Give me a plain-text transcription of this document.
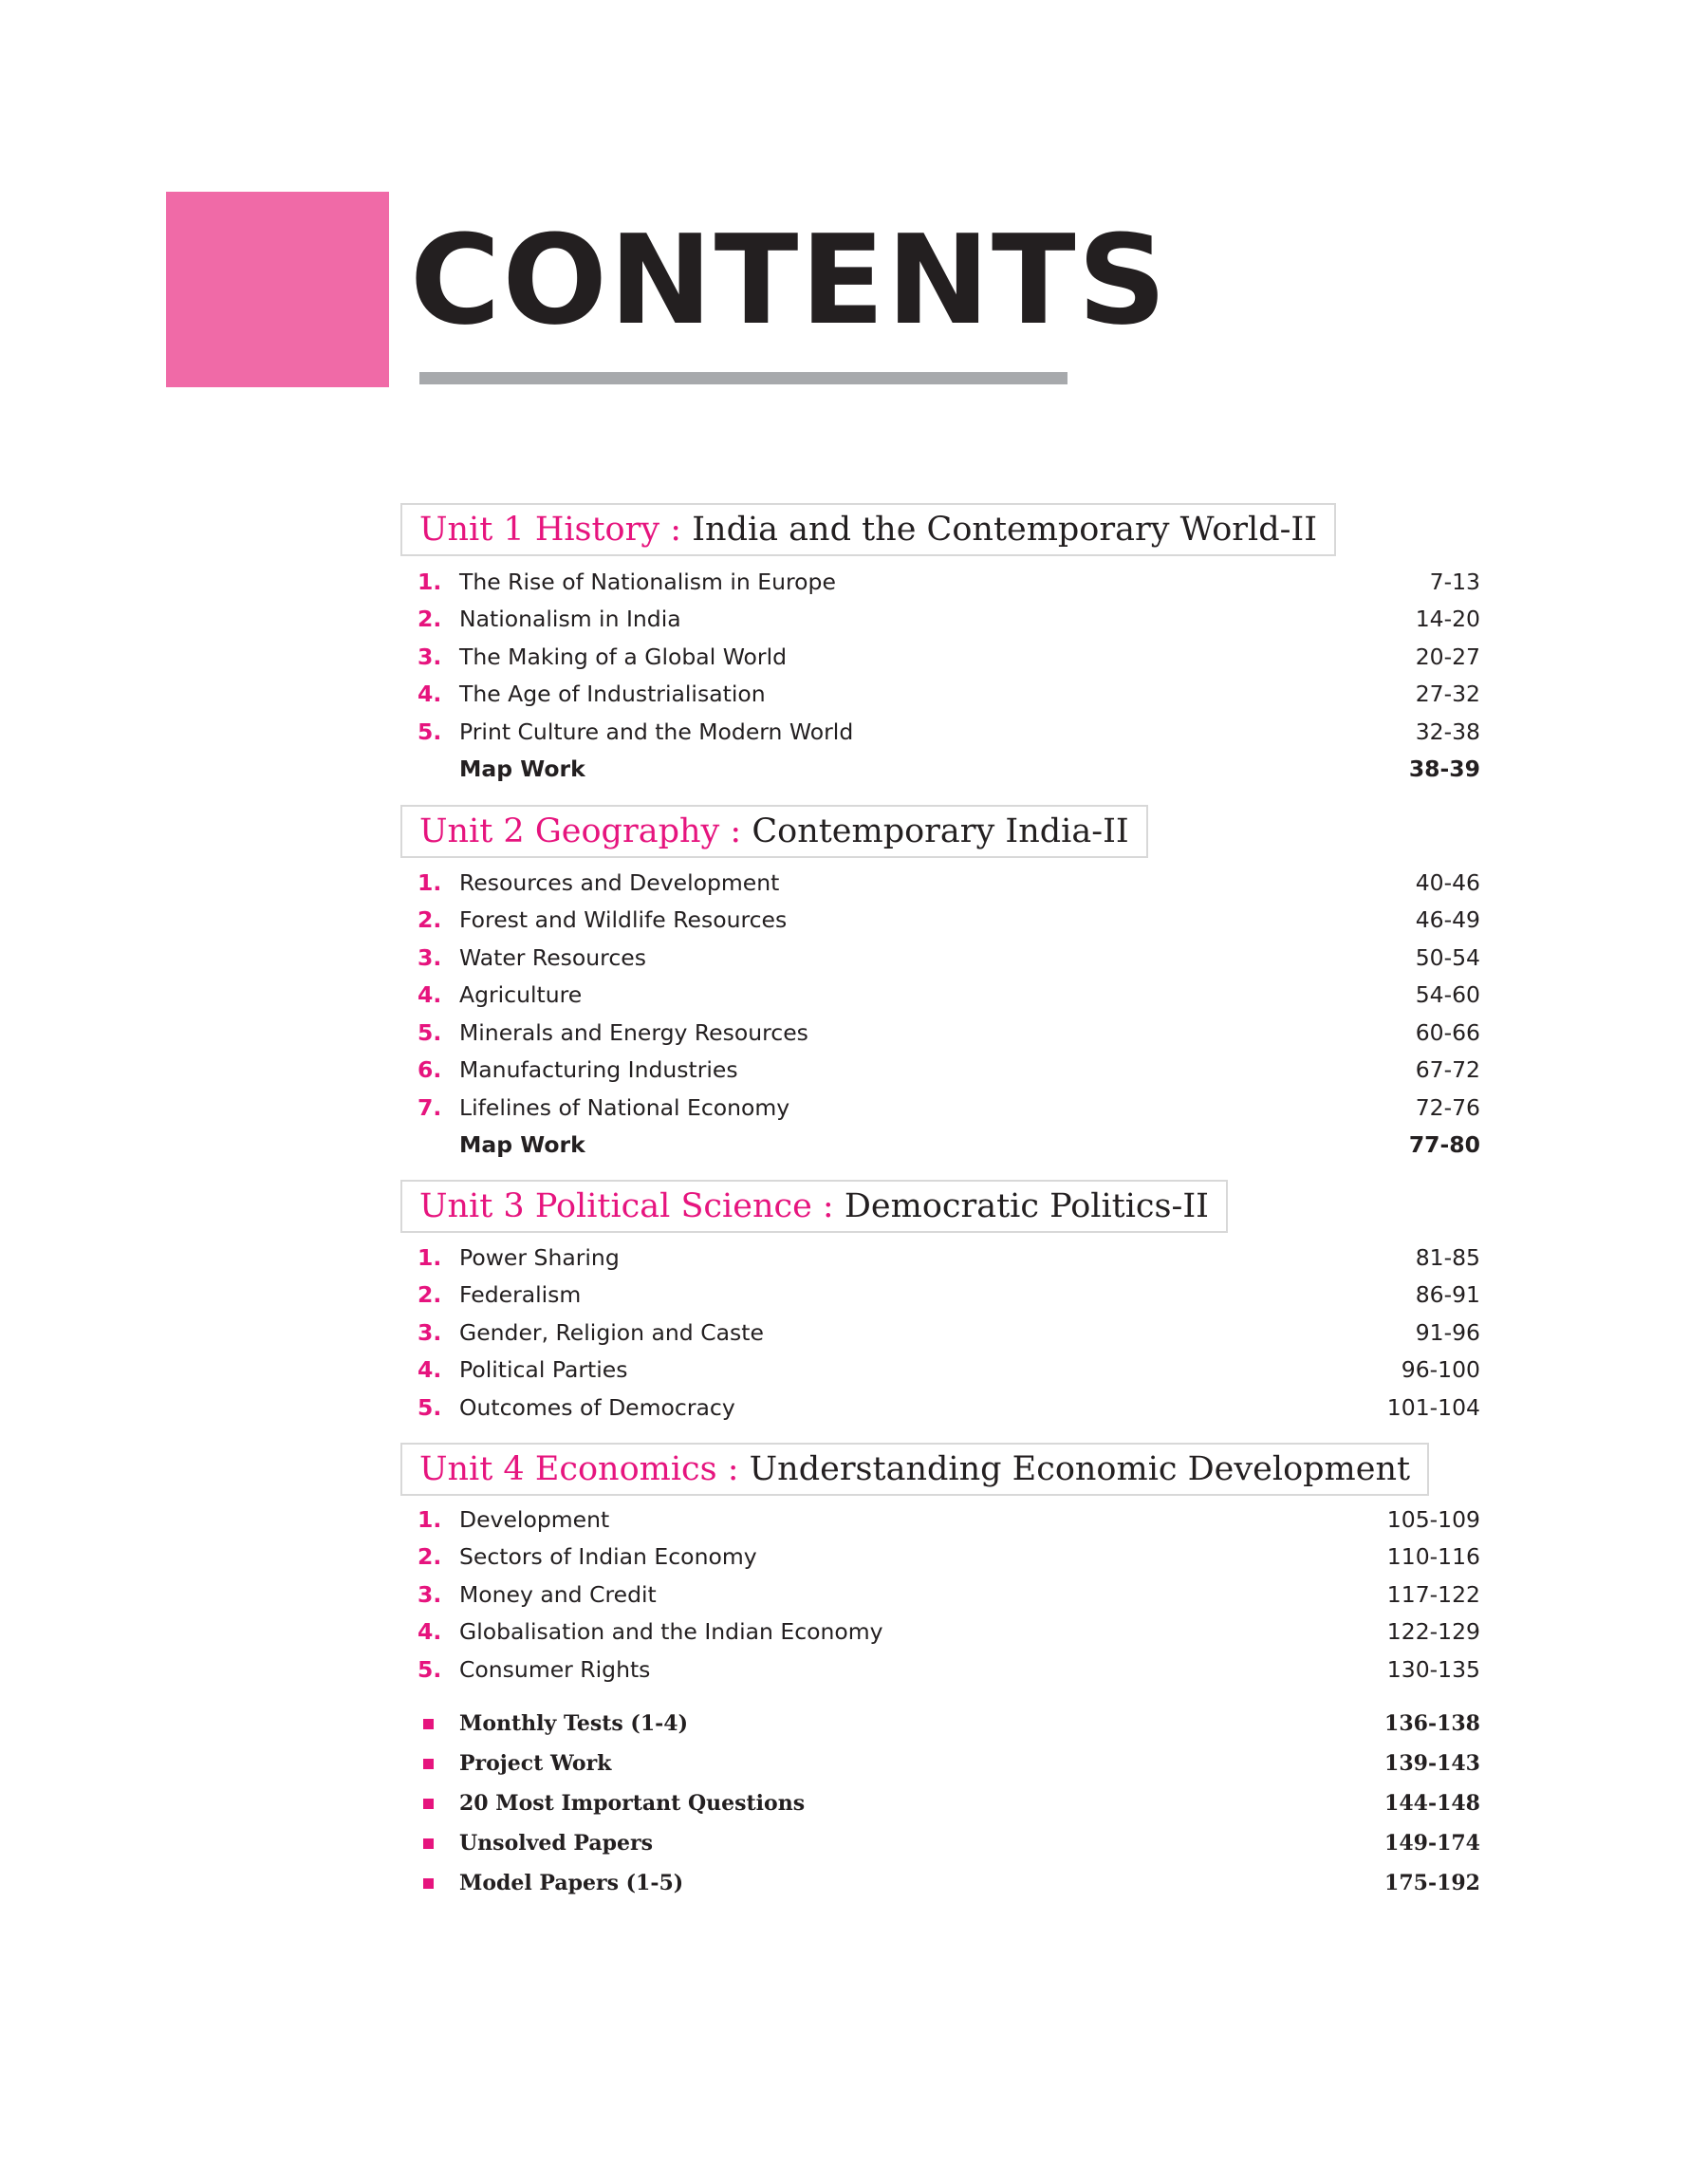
CONTENTS
Unit 1 History : India and the Contemporary World-II
1. The Rise of Nationalism in Europe	7-13
2. Nationalism in India	14-20
3. The Making of a Global World	20-27
4. The Age of Industrialisation	27-32
5. Print Culture and the Modern World	32-38
Map Work	38-39
Unit 2 Geography : Contemporary India-II
1. Resources and Development	40-46
2. Forest and Wildlife Resources	46-49
3. Water Resources	50-54
4. Agriculture	54-60
5. Minerals and Energy Resources	60-66
6. Manufacturing Industries	67-72
7. Lifelines of National Economy	72-76
Map Work	77-80
Unit 3 Political Science : Democratic Politics-II
1. Power Sharing	81-85
2. Federalism	86-91
3. Gender, Religion and Caste	91-96
4. Political Parties	96-100
5. Outcomes of Democracy	101-104
Unit 4 Economics : Understanding Economic Development
1. Development	105-109
2. Sectors of Indian Economy	110-116
3. Money and Credit	117-122
4. Globalisation and the Indian Economy	122-129
5. Consumer Rights	130-135
Monthly Tests (1-4)	136-138
Project Work	139-143
20 Most Important Questions	144-148
Unsolved Papers	149-174
Model Papers (1-5)	175-192
